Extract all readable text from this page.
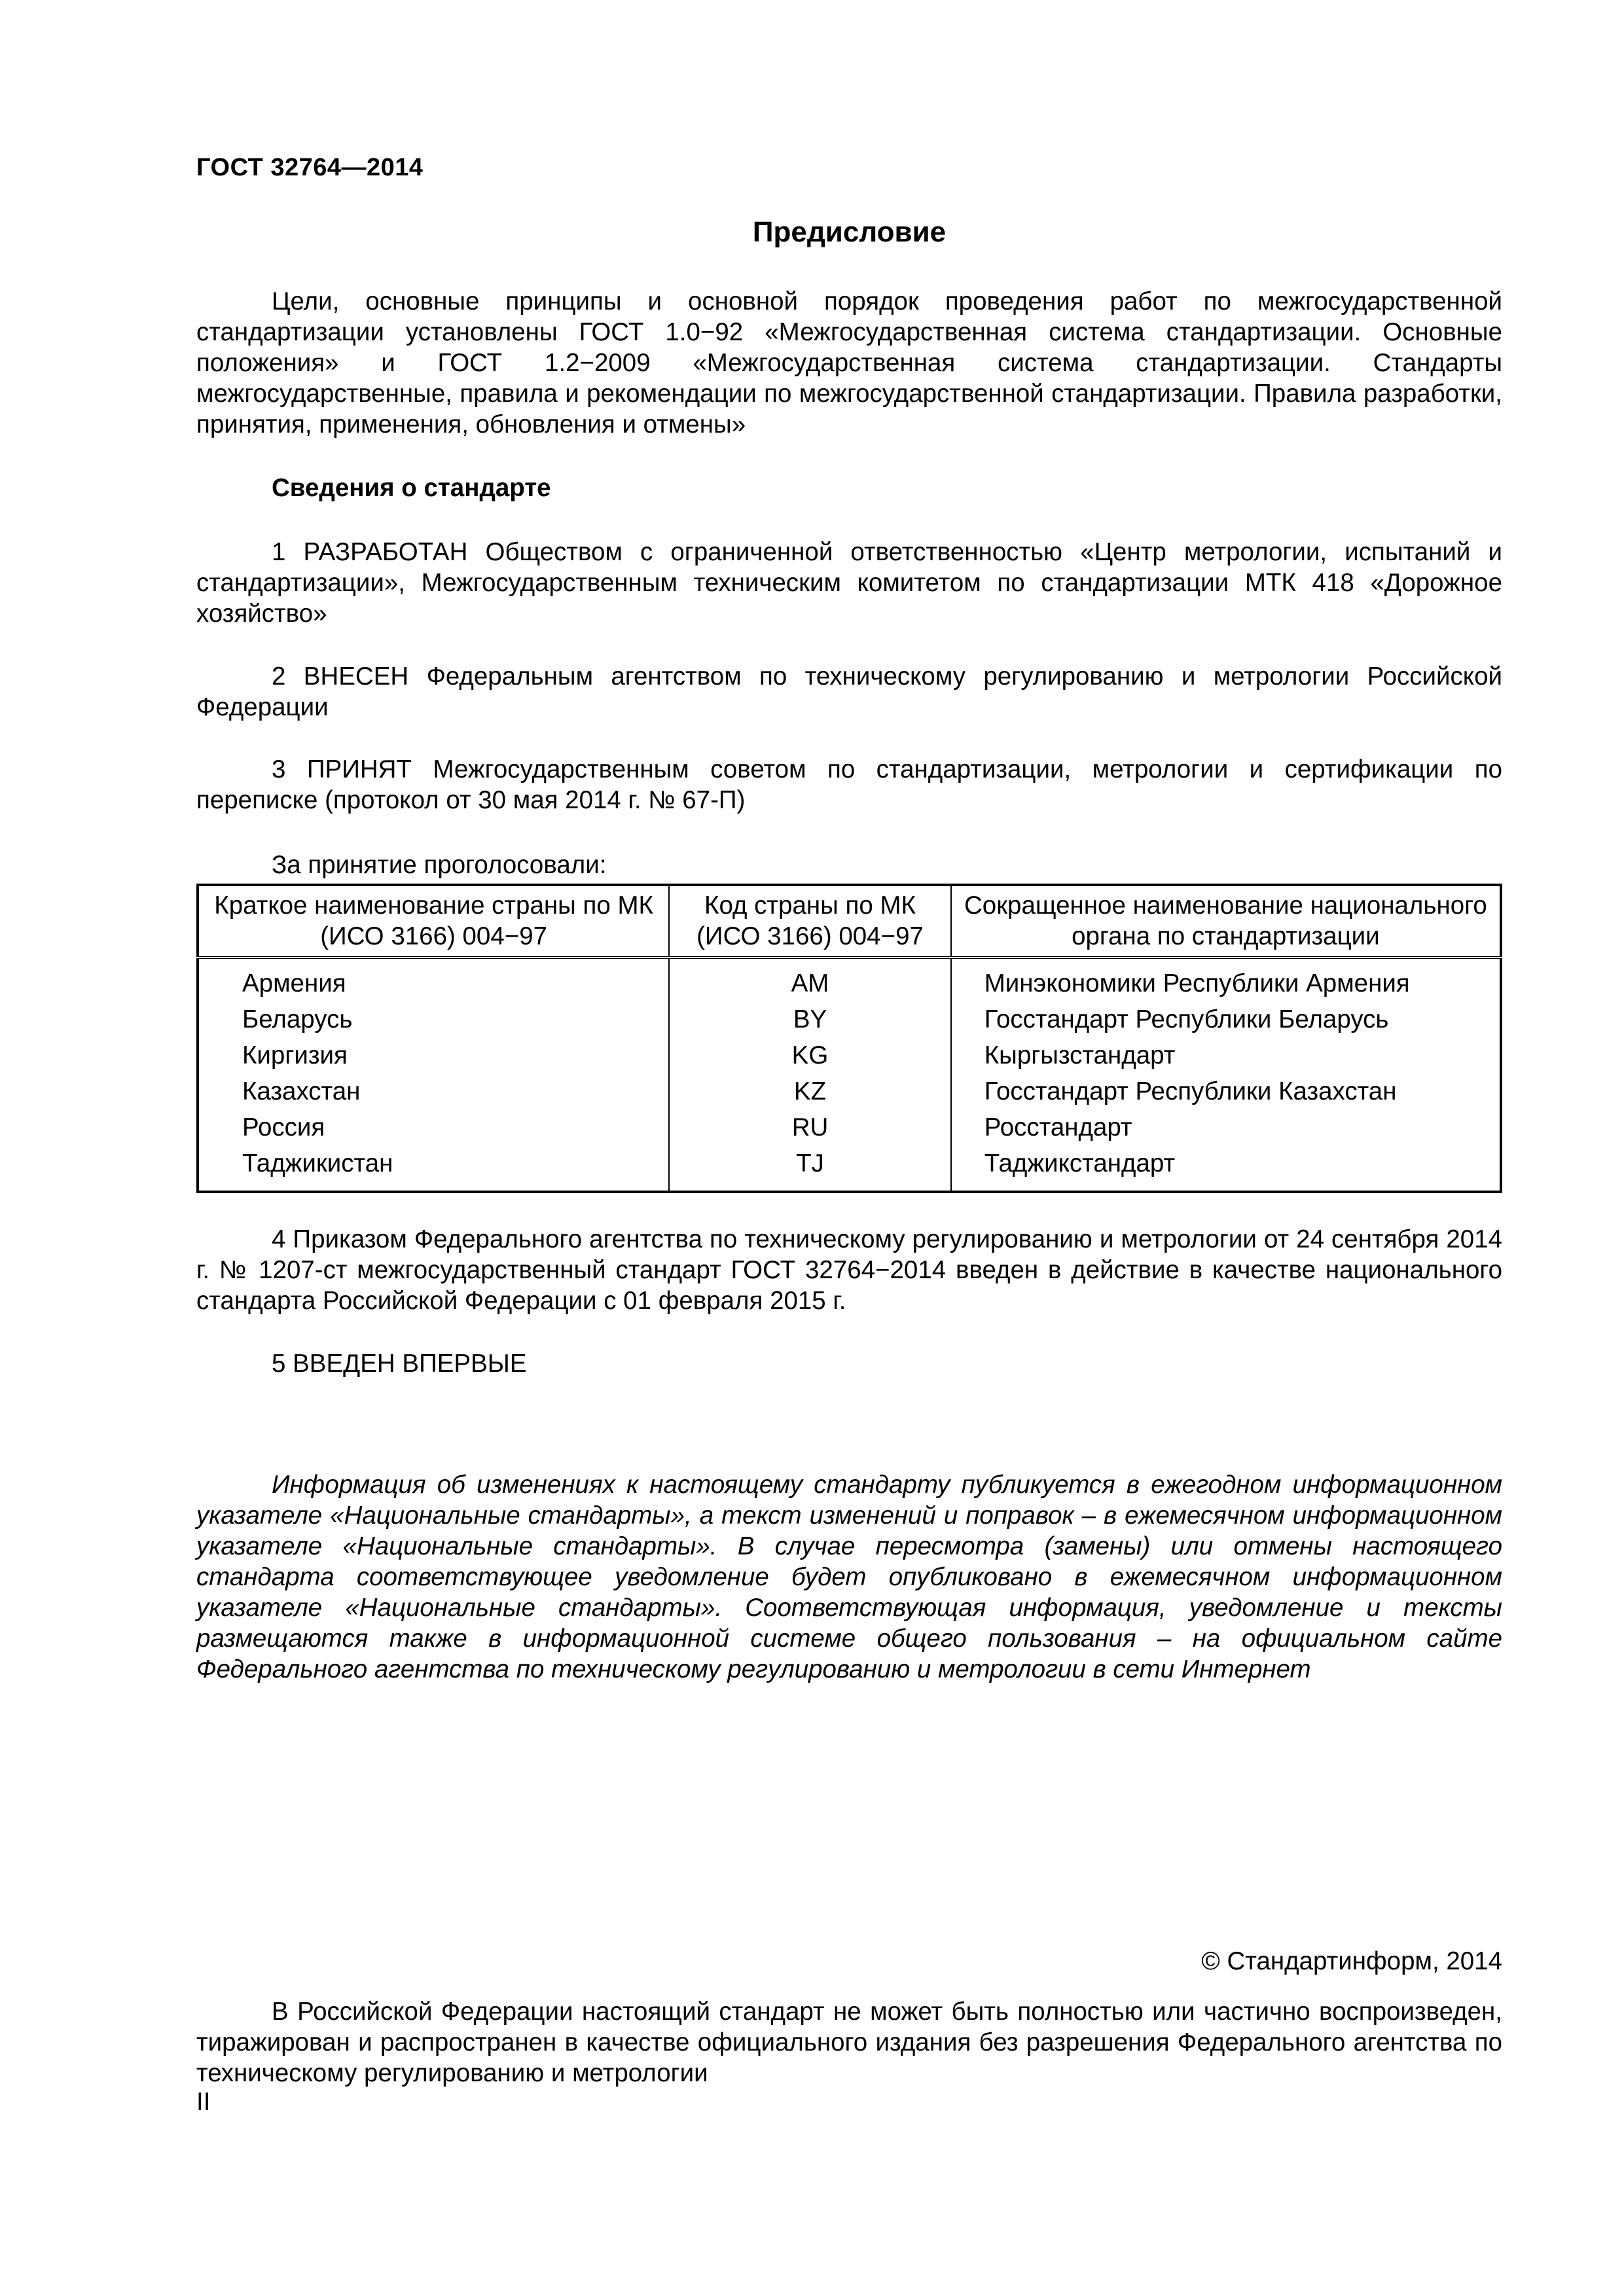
ГОСТ 32764—2014
Предисловие
Цели, основные принципы и основной порядок проведения работ по межгосударственной стандартизации установлены ГОСТ 1.0−92 «Межгосударственная система стандартизации. Основные положения» и ГОСТ 1.2−2009 «Межгосударственная система стандартизации. Стандарты межгосударственные, правила и рекомендации по межгосударственной стандартизации. Правила разработки, принятия, применения, обновления и отмены»
Сведения о стандарте
1 РАЗРАБОТАН Обществом с ограниченной ответственностью «Центр метрологии, испытаний и стандартизации», Межгосударственным техническим комитетом по стандартизации МТК 418 «Дорожное хозяйство»
2 ВНЕСЕН Федеральным агентством по техническому регулированию и метрологии Российской Федерации
3 ПРИНЯТ Межгосударственным советом по стандартизации, метрологии и сертификации по переписке (протокол от 30 мая 2014 г. № 67-П)
За принятие проголосовали:
Краткое наименование страны по МК (ИСО 3166) 004−97	Код страны по МК (ИСО 3166) 004−97	Сокращенное наименование национального органа по стандартизации
Армения	AM	Минэкономики Республики Армения
Беларусь	BY	Госстандарт Республики Беларусь
Киргизия	KG	Кыргызстандарт
Казахстан	KZ	Госстандарт Республики Казахстан
Россия	RU	Росстандарт
Таджикистан	TJ	Таджикстандарт
4 Приказом Федерального агентства по техническому регулированию и метрологии от 24 сентября 2014 г. № 1207-ст межгосударственный стандарт ГОСТ 32764−2014 введен в действие в качестве национального стандарта Российской Федерации с 01 февраля 2015 г.
5 ВВЕДЕН ВПЕРВЫЕ
Информация об изменениях к настоящему стандарту публикуется в ежегодном информационном указателе «Национальные стандарты», а текст изменений и поправок – в ежемесячном информационном указателе «Национальные стандарты». В случае пересмотра (замены) или отмены настоящего стандарта соответствующее уведомление будет опубликовано в ежемесячном информационном указателе «Национальные стандарты». Соответствующая информация, уведомление и тексты размещаются также в информационной системе общего пользования – на официальном сайте Федерального агентства по техническому регулированию и метрологии в сети Интернет
© Стандартинформ, 2014
В Российской Федерации настоящий стандарт не может быть полностью или частично воспроизведен, тиражирован и распространен в качестве официального издания без разрешения Федерального агентства по техническому регулированию и метрологии
II
